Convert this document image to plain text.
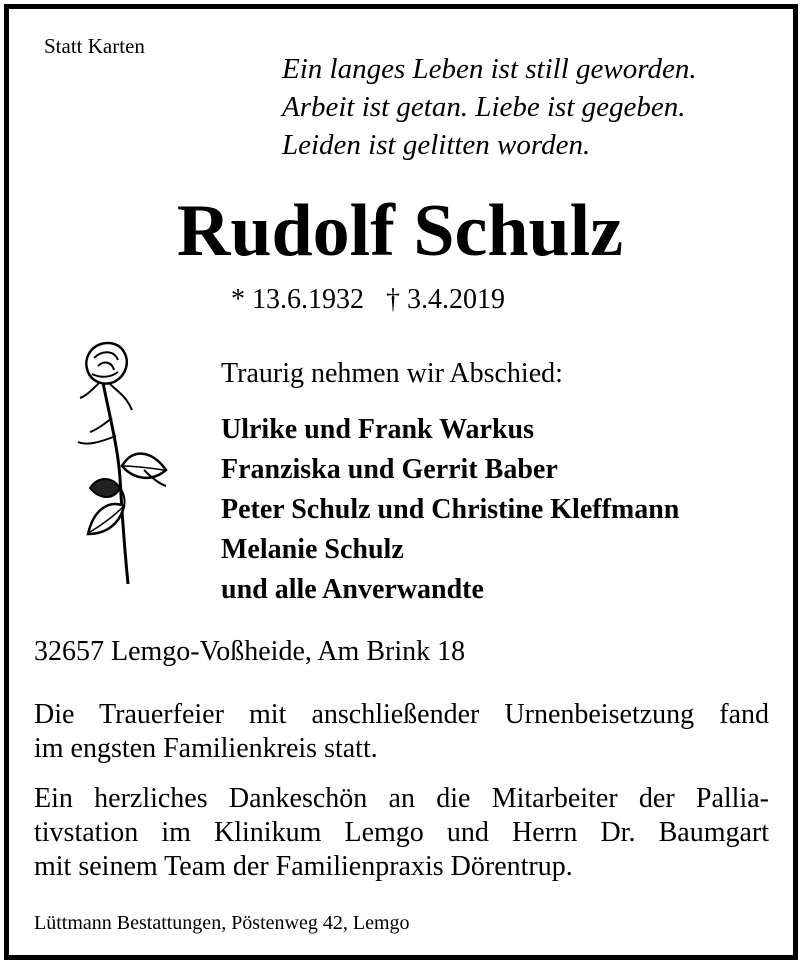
Statt Karten
Ein langes Leben ist still geworden.
Arbeit ist getan. Liebe ist gegeben.
Leiden ist gelitten worden.
Rudolf Schulz
* 13.6.1932 † 3.4.2019
Traurig nehmen wir Abschied:
Ulrike und Frank Warkus
Franziska und Gerrit Baber
Peter Schulz und Christine Kleffmann
Melanie Schulz
und alle Anverwandte
32657 Lemgo-Voßheide, Am Brink 18
Die Trauerfeier mit anschließender Urnenbeisetzung fand
im engsten Familienkreis statt.
Ein herzliches Dankeschön an die Mitarbeiter der Pallia-
tivstation im Klinikum Lemgo und Herrn Dr. Baumgart
mit seinem Team der Familienpraxis Dörentrup.
Lüttmann Bestattungen, Pöstenweg 42, Lemgo
